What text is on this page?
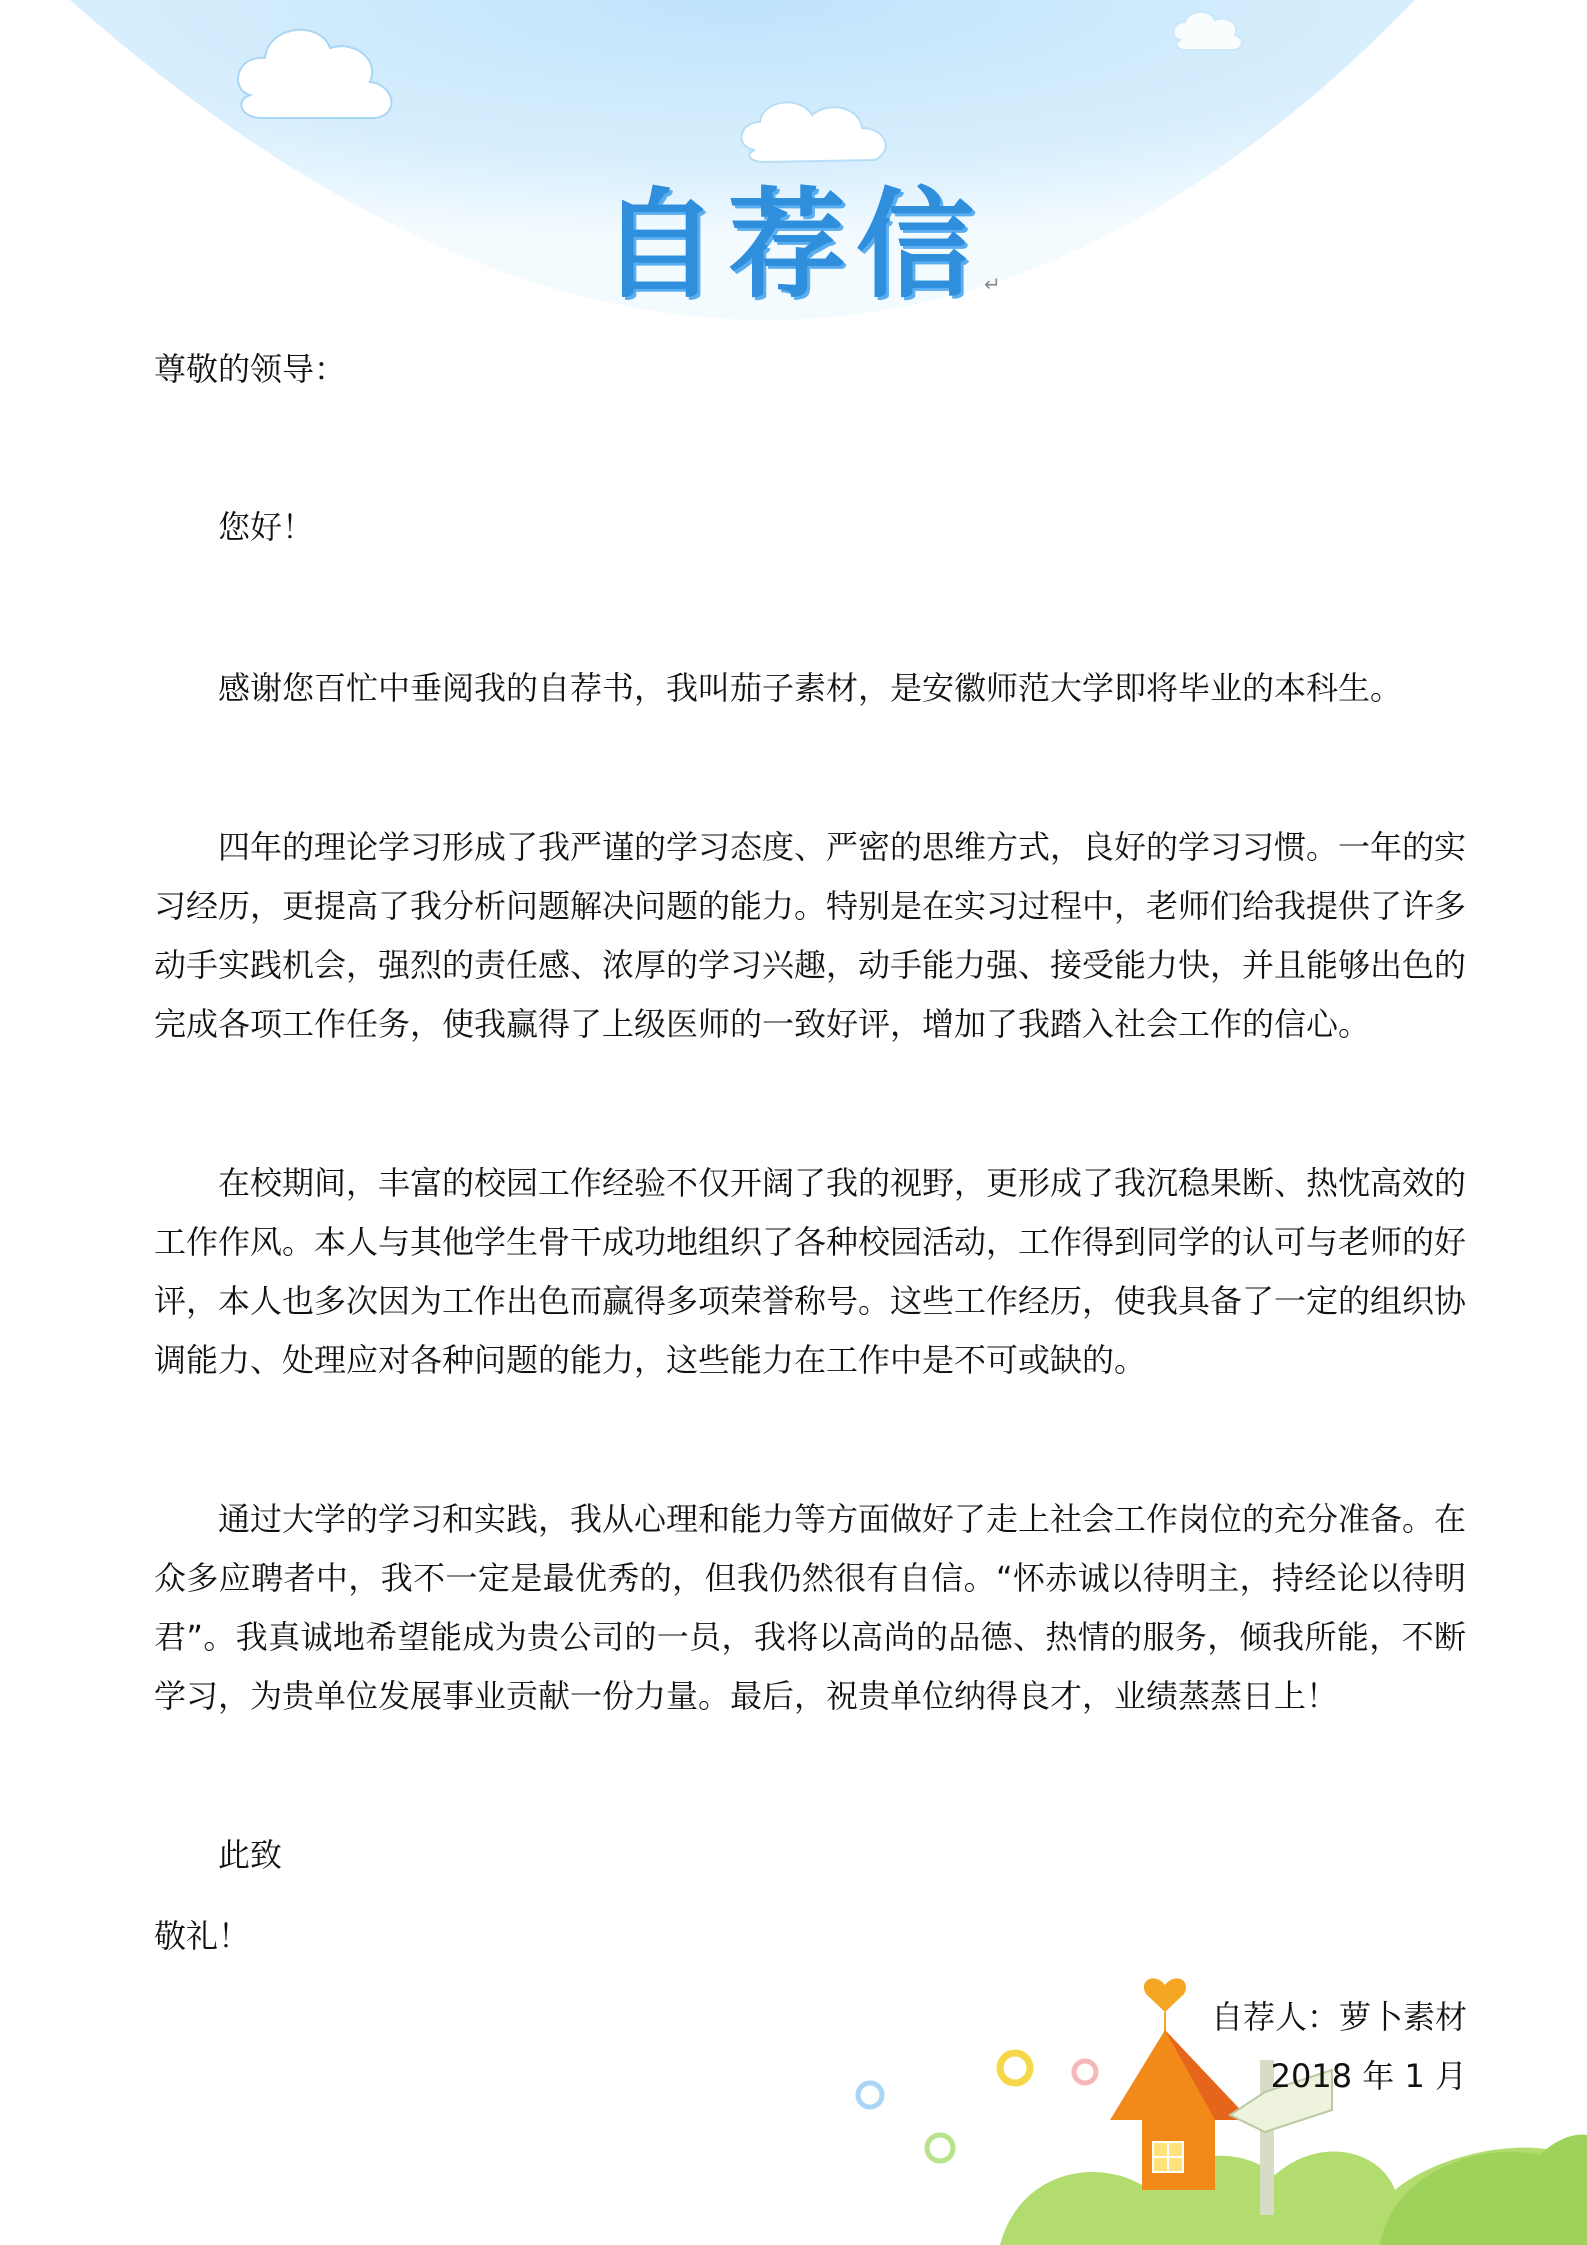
自荐信 ↵

尊敬的领导：

您好！

感谢您百忙中垂阅我的自荐书，我叫茄子素材，是安徽师范大学即将毕业的本科生。

四年的理论学习形成了我严谨的学习态度、严密的思维方式，良好的学习习惯。一年的实习经历，更提高了我分析问题解决问题的能力。特别是在实习过程中，老师们给我提供了许多动手实践机会，强烈的责任感、浓厚的学习兴趣，动手能力强、接受能力快，并且能够出色的完成各项工作任务，使我赢得了上级医师的一致好评，增加了我踏入社会工作的信心。

在校期间，丰富的校园工作经验不仅开阔了我的视野，更形成了我沉稳果断、热忱高效的工作作风。本人与其他学生骨干成功地组织了各种校园活动，工作得到同学的认可与老师的好评，本人也多次因为工作出色而赢得多项荣誉称号。这些工作经历，使我具备了一定的组织协调能力、处理应对各种问题的能力，这些能力在工作中是不可或缺的。

通过大学的学习和实践，我从心理和能力等方面做好了走上社会工作岗位的充分准备。在众多应聘者中，我不一定是最优秀的，但我仍然很有自信。“怀赤诚以待明主，持经论以待明君”。我真诚地希望能成为贵公司的一员，我将以高尚的品德、热情的服务，倾我所能，不断学习，为贵单位发展事业贡献一份力量。最后，祝贵单位纳得良才，业绩蒸蒸日上！

此致

敬礼！

自荐人：萝卜素材
2018 年 1 月
